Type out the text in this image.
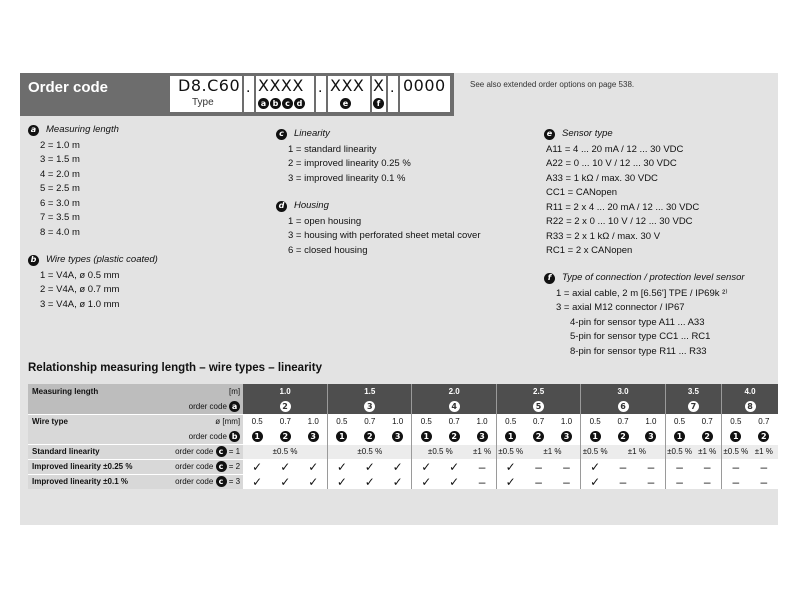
Order code	D8.C60
Type
. XXXX
a b c d
. XXX
e
X
f
. 0000	See also extended order options on page 538.
a Measuring length
2 = 1.0 m
3 = 1.5 m
4 = 2.0 m
5 = 2.5 m
6 = 3.0 m
7 = 3.5 m
8 = 4.0 m
b Wire types (plastic coated)
1 = V4A, ø 0.5 mm
2 = V4A, ø 0.7 mm
3 = V4A, ø 1.0 mm
c	Linearity
1 = standard linearity
2 = improved linearity 0.25 %
3 = improved linearity 0.1 %
d Housing
1 = open housing
3 = housing with perforated sheet metal cover
6 = closed housing
e Sensor type
A11 = 4 ... 20 mA / 12 ... 30 VDC
A22 = 0 ... 10 V / 12 ... 30 VDC
A33 = 1 kΩ / max. 30 VDC
CC1 = CANopen
R11 = 2 x 4 ... 20 mA / 12 ... 30 VDC
R22 = 2 x 0 ... 10 V / 12 ... 30 VDC
R33 = 2 x 1 kΩ / max. 30 V
RC1 = 2 x CANopen
f	Type of connection / protection level sensor
1 = axial cable, 2 m [6.56'] TPE / IP69k ²⁾
3 = axial M12 connector / IP67
4-pin for sensor type A11 ... A33
5-pin for sensor type CC1 ... RC1
8-pin for sensor type R11 ... R33
Relationship measuring length – wire types – linearity
Measuring length	[m]	1.0			1.5			2.0			2.5			3.0			3.5		4.0	
	order code a	2			3			4			5			6			7		8	
Wire type	ø [mm]	0.5	0.7	1.0	0.5	0.7	1.0	0.5	0.7	1.0	0.5	0.7	1.0	0.5	0.7	1.0	0.5	0.7	0.5	0.7
	order code b	1	2	3	1	2	3	1	2	3	1	2	3	1	2	3	1	2	1	2
Standard linearity	order code c = 1	±0.5 %			±0.5 %			±0.5 %		±1 %	±0.5 %	±1 %		±0.5 %	±1 %		±0.5 %	±1 %	±0.5 %	±1 %
Improved linearity ±0.25 %	order code c = 2	✓	✓	✓	✓	✓	✓	✓	✓	–	✓	–	–	✓	–	–	–	–	–	–
Improved linearity ±0.1 %	order code c = 3	✓	✓	✓	✓	✓	✓	✓	✓	–	✓	–	–	✓	–	–	–	–	–	–
